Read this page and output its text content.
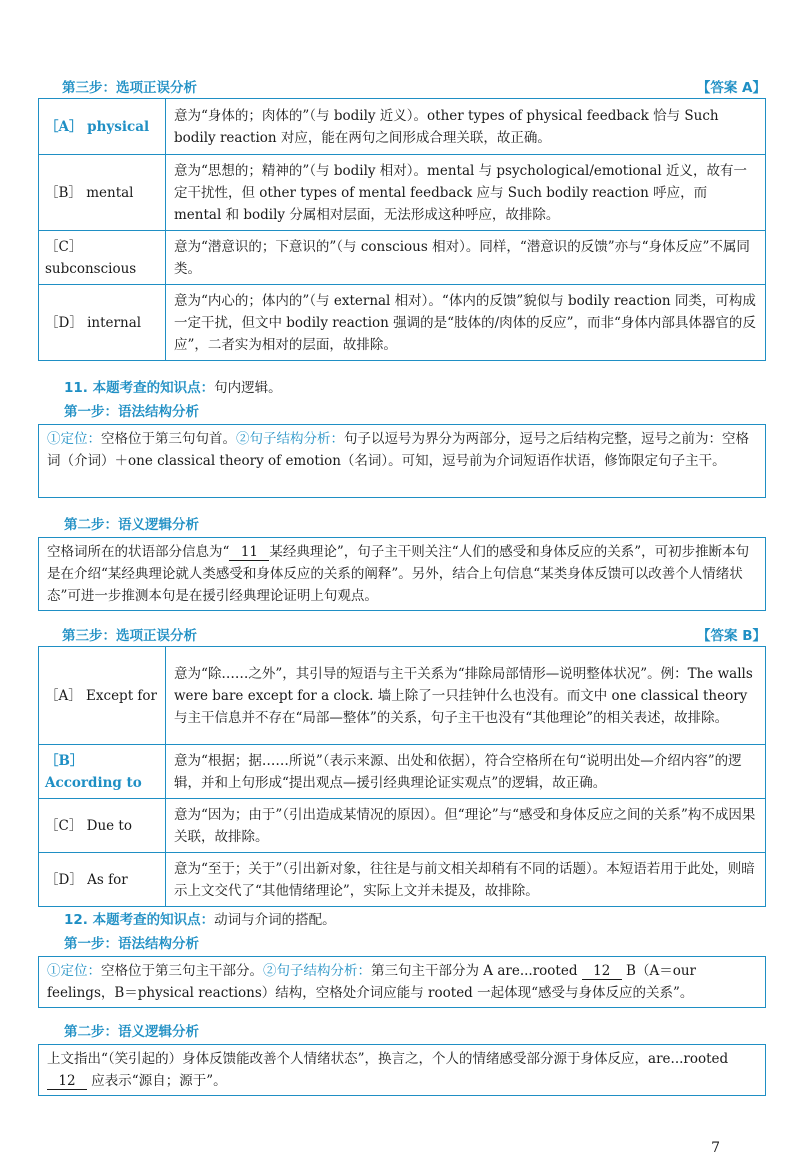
第三步：选项正误分析	【答案 A】
［A］ physical	意为“身体的；肉体的”（与 bodily 近义）。other types of physical feedback 恰与 Such bodily reaction 对应，能在两句之间形成合理关联，故正确。
［B］ mental	意为“思想的；精神的”（与 bodily 相对）。mental 与 psychological/emotional 近义，故有一定干扰性，但 other types of mental feedback 应与 Such bodily reaction 呼应，而 mental 和 bodily 分属相对层面，无法形成这种呼应，故排除。
［C］ subconscious	意为“潜意识的；下意识的”（与 conscious 相对）。同样，“潜意识的反馈”亦与“身体反应”不属同类。
［D］ internal	意为“内心的；体内的”（与 external 相对）。“体内的反馈”貌似与 bodily reaction 同类，可构成一定干扰，但文中 bodily reaction 强调的是“肢体的/肉体的反应”，而非“身体内部具体器官的反应”，二者实为相对的层面，故排除。
11. 本题考查的知识点：句内逻辑。
第一步：语法结构分析
①定位：空格位于第三句句首。②句子结构分析：句子以逗号为界分为两部分，逗号之后结构完整，逗号之前为：空格词（介词）＋one classical theory of emotion（名词）。可知，逗号前为介词短语作状语，修饰限定句子主干。
第二步：语义逻辑分析
空格词所在的状语部分信息为“ 11 某经典理论”，句子主干则关注“人们的感受和身体反应的关系”，可初步推断本句是在介绍“某经典理论就人类感受和身体反应的关系的阐释”。另外，结合上句信息“某类身体反馈可以改善个人情绪状态”可进一步推测本句是在援引经典理论证明上句观点。
第三步：选项正误分析	【答案 B】
［A］ Except for	意为“除……之外”，其引导的短语与主干关系为“排除局部情形—说明整体状况”。例：The walls were bare except for a clock. 墙上除了一只挂钟什么也没有。而文中 one classical theory 与主干信息并不存在“局部—整体”的关系，句子主干也没有“其他理论”的相关表述，故排除。
［B］ According to	意为“根据；据……所说”（表示来源、出处和依据），符合空格所在句“说明出处—介绍内容”的逻辑，并和上句形成“提出观点—援引经典理论证实观点”的逻辑，故正确。
［C］ Due to	意为“因为；由于”（引出造成某情况的原因）。但“理论”与“感受和身体反应之间的关系”构不成因果关联，故排除。
［D］ As for	意为“至于；关于”（引出新对象，往往是与前文相关却稍有不同的话题）。本短语若用于此处，则暗示上文交代了“其他情绪理论”，实际上文并未提及，故排除。
12. 本题考查的知识点：动词与介词的搭配。
第一步：语法结构分析
①定位：空格位于第三句主干部分。②句子结构分析：第三句主干部分为 A are...rooted 12 B（A＝our feelings，B＝physical reactions）结构，空格处介词应能与 rooted 一起体现“感受与身体反应的关系”。
第二步：语义逻辑分析
上文指出“（笑引起的）身体反馈能改善个人情绪状态”，换言之，个人的情绪感受部分源于身体反应，are...rooted 12 应表示“源自；源于”。
7
